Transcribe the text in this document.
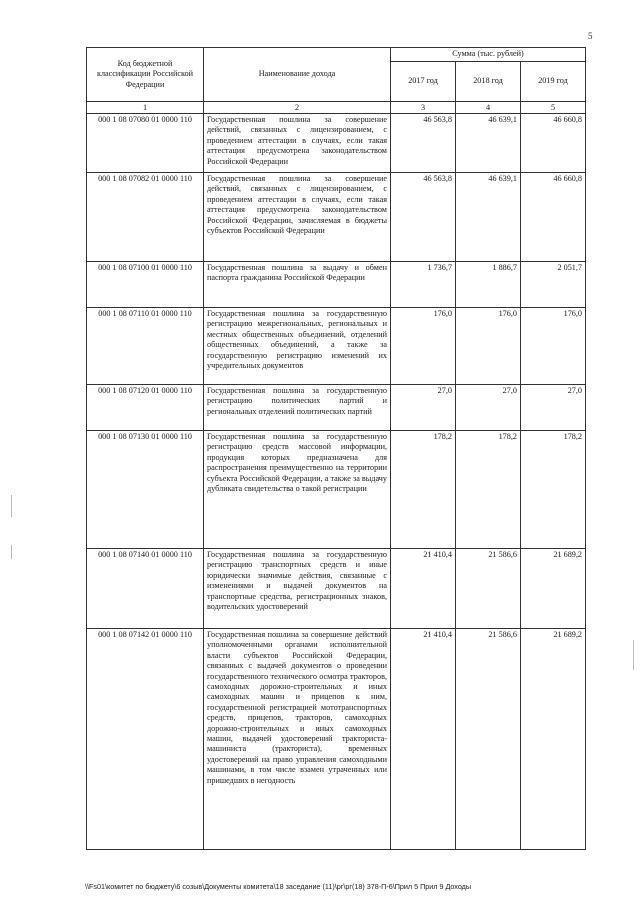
5
Код бюджетной классификации Российской Федерации	Наименование дохода	Сумма (тыс. рублей)		
		2017 год	2018 год	2019 год
1	2	3	4	5
000 1 08 07080 01 0000 110	Государственная пошлина за совершение действий, связанных с лицензированием, с проведением аттестации в случаях, если такая аттестация предусмотрена законодательством Российской Федерации	46 563,8	46 639,1	46 660,8
000 1 08 07082 01 0000 110	Государственная пошлина за совершение действий, связанных с лицензированием, с проведением аттестации в случаях, если такая аттестация предусмотрена законодательством Российской Федерации, зачисляемая в бюджеты субъектов Российской Федерации	46 563,8	46 639,1	46 660,8
000 1 08 07100 01 0000 110	Государственная пошлина за выдачу и обмен паспорта гражданина Российской Федерации	1 736,7	1 886,7	2 051,7
000 1 08 07110 01 0000 110	Государственная пошлина за государственную регистрацию межрегиональных, региональных и местных общественных объединений, отделений общественных объединений, а также за государственную регистрацию изменений их учредительных документов	176,0	176,0	176,0
000 1 08 07120 01 0000 110	Государственная пошлина за государственную регистрацию политических партий и региональных отделений политических партий	27,0	27,0	27,0
000 1 08 07130 01 0000 110	Государственная пошлина за государственную регистрацию средств массовой информации, продукция которых предназначена для распространения преимущественно на территории субъекта Российской Федерации, а также за выдачу дубликата свидетельства о такой регистрации	178,2	178,2	178,2
000 1 08 07140 01 0000 110	Государственная пошлина за государственную регистрацию транспортных средств и иные юридически значимые действия, связанные с изменениями и выдачей документов на транспортные средства, регистрационных знаков, водительских удостоверений	21 410,4	21 586,6	21 689,2
000 1 08 07142 01 0000 110	Государственная пошлина за совершение действий уполномоченными органами исполнительной власти субъектов Российской Федерации, связанных с выдачей документов о проведении государственного технического осмотра тракторов, самоходных дорожно-строительных и иных самоходных машин и прицепов к ним, государственной регистрацией мототранспортных средств, прицепов, тракторов, самоходных дорожно-строительных и иных самоходных машин, выдачей удостоверений тракториста-машиниста (тракториста), временных удостоверений на право управления самоходными машинами, в том числе взамен утраченных или пришедших в негодность	21 410,4	21 586,6	21 689,2
\\Fs01\комитет по бюджету\6 созыв\Документы комитета\18 заседание (11)\рг\рг(18) 378-П-6\Прил 5 Прил 9 Доходы
